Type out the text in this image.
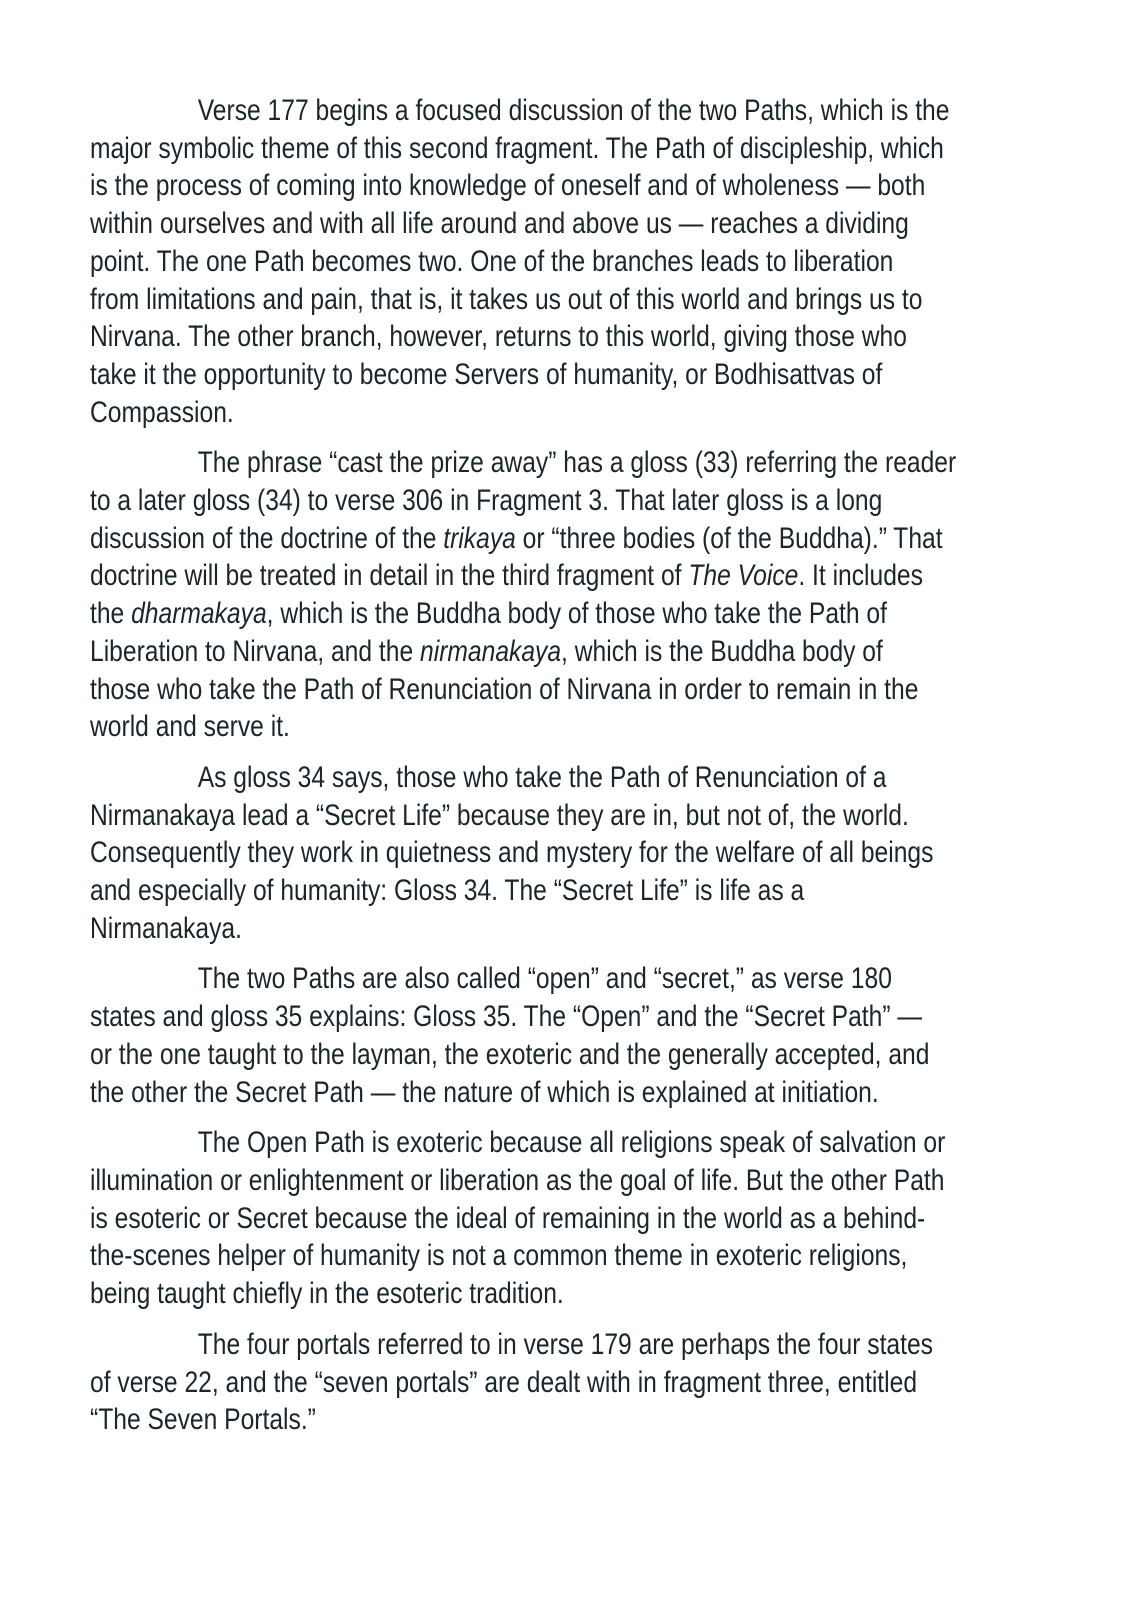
Verse 177 begins a focused discussion of the two Paths, which is the
major symbolic theme of this second fragment. The Path of discipleship, which
is the process of coming into knowledge of oneself and of wholeness — both
within ourselves and with all life around and above us — reaches a dividing
point. The one Path becomes two. One of the branches leads to liberation
from limitations and pain, that is, it takes us out of this world and brings us to
Nirvana. The other branch, however, returns to this world, giving those who
take it the opportunity to become Servers of humanity, or Bodhisattvas of
Compassion.
The phrase “cast the prize away” has a gloss (33) referring the reader
to a later gloss (34) to verse 306 in Fragment 3. That later gloss is a long
discussion of the doctrine of the trikaya or “three bodies (of the Buddha).” That
doctrine will be treated in detail in the third fragment of The Voice. It includes
the dharmakaya, which is the Buddha body of those who take the Path of
Liberation to Nirvana, and the nirmanakaya, which is the Buddha body of
those who take the Path of Renunciation of Nirvana in order to remain in the
world and serve it.
As gloss 34 says, those who take the Path of Renunciation of a
Nirmanakaya lead a “Secret Life” because they are in, but not of, the world.
Consequently they work in quietness and mystery for the welfare of all beings
and especially of humanity: Gloss 34. The “Secret Life” is life as a
Nirmanakaya.
The two Paths are also called “open” and “secret,” as verse 180
states and gloss 35 explains: Gloss 35. The “Open” and the “Secret Path” —
or the one taught to the layman, the exoteric and the generally accepted, and
the other the Secret Path — the nature of which is explained at initiation.
The Open Path is exoteric because all religions speak of salvation or
illumination or enlightenment or liberation as the goal of life. But the other Path
is esoteric or Secret because the ideal of remaining in the world as a behind-
the-scenes helper of humanity is not a common theme in exoteric religions,
being taught chiefly in the esoteric tradition.
The four portals referred to in verse 179 are perhaps the four states
of verse 22, and the “seven portals” are dealt with in fragment three, entitled
“The Seven Portals.”
